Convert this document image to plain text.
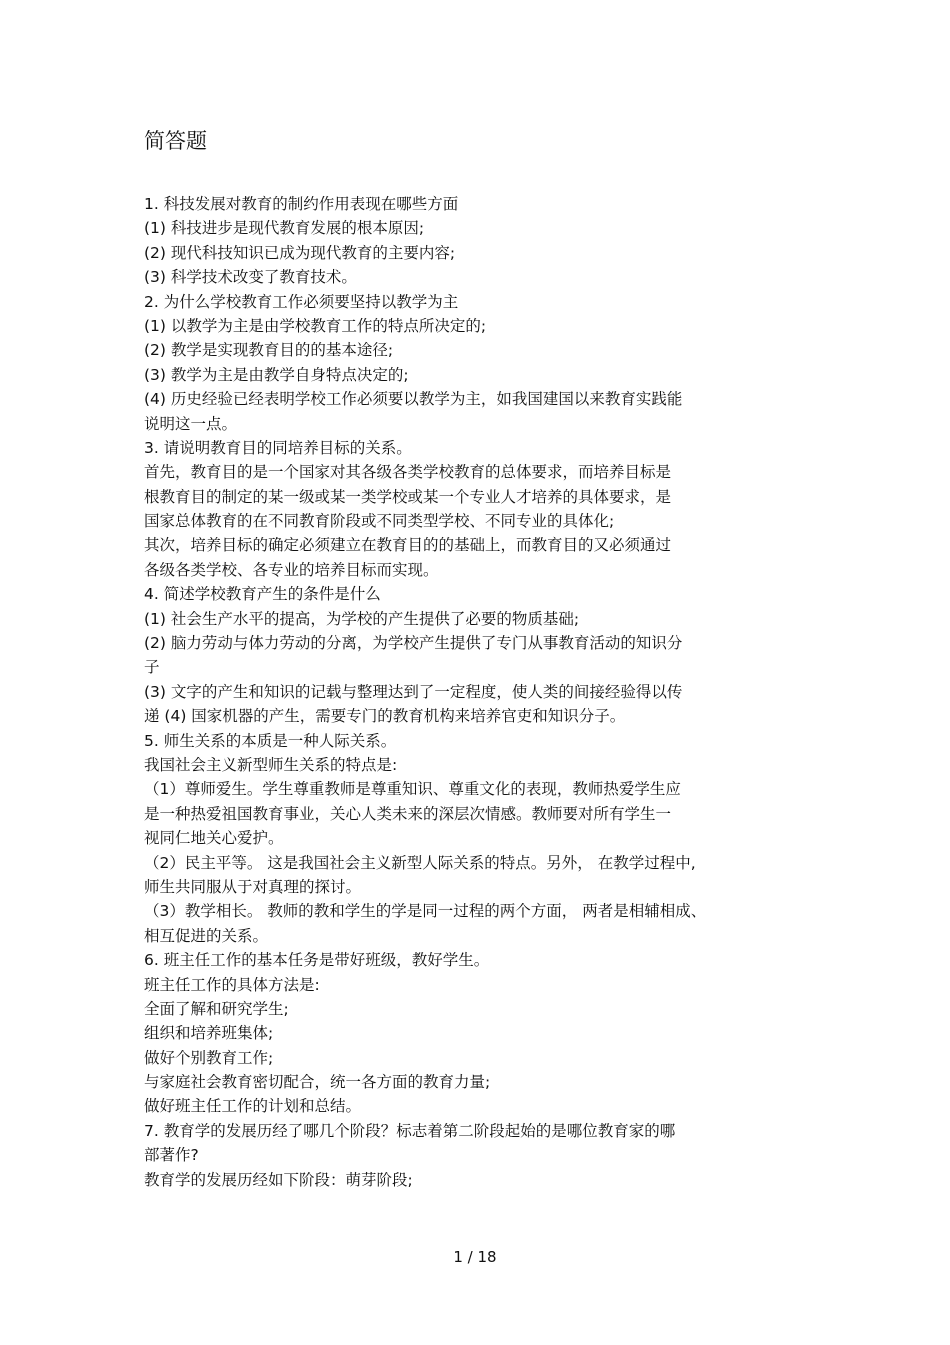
简答题
1. 科技发展对教育的制约作用表现在哪些方面
(1) 科技进步是现代教育发展的根本原因;
(2) 现代科技知识已成为现代教育的主要内容;
(3) 科学技术改变了教育技术。
2. 为什么学校教育工作必须要坚持以教学为主
(1) 以教学为主是由学校教育工作的特点所决定的;
(2) 教学是实现教育目的的基本途径;
(3) 教学为主是由教学自身特点决定的;
(4) 历史经验已经表明学校工作必须要以教学为主，如我国建国以来教育实践能
说明这一点。
3. 请说明教育目的同培养目标的关系。
首先，教育目的是一个国家对其各级各类学校教育的总体要求，而培养目标是
根教育目的制定的某一级或某一类学校或某一个专业人才培养的具体要求，是
国家总体教育的在不同教育阶段或不同类型学校、不同专业的具体化;
其次，培养目标的确定必须建立在教育目的的基础上，而教育目的又必须通过
各级各类学校、各专业的培养目标而实现。
4. 简述学校教育产生的条件是什么
(1) 社会生产水平的提高，为学校的产生提供了必要的物质基础;
(2) 脑力劳动与体力劳动的分离，为学校产生提供了专门从事教育活动的知识分
子
(3) 文字的产生和知识的记载与整理达到了一定程度，使人类的间接经验得以传
递 (4) 国家机器的产生，需要专门的教育机构来培养官吏和知识分子。
5. 师生关系的本质是一种人际关系。
我国社会主义新型师生关系的特点是:
（1）尊师爱生。学生尊重教师是尊重知识、尊重文化的表现，教师热爱学生应
是一种热爱祖国教育事业，关心人类未来的深层次情感。教师要对所有学生一
视同仁地关心爱护。
（2）民主平等。 这是我国社会主义新型人际关系的特点。另外， 在教学过程中,
师生共同服从于对真理的探讨。
（3）教学相长。 教师的教和学生的学是同一过程的两个方面， 两者是相辅相成、
相互促进的关系。
6. 班主任工作的基本任务是带好班级，教好学生。
班主任工作的具体方法是:
全面了解和研究学生;
组织和培养班集体;
做好个别教育工作;
与家庭社会教育密切配合，统一各方面的教育力量;
做好班主任工作的计划和总结。
7. 教育学的发展历经了哪几个阶段？标志着第二阶段起始的是哪位教育家的哪
部著作?
教育学的发展历经如下阶段：萌芽阶段;
1 / 18
